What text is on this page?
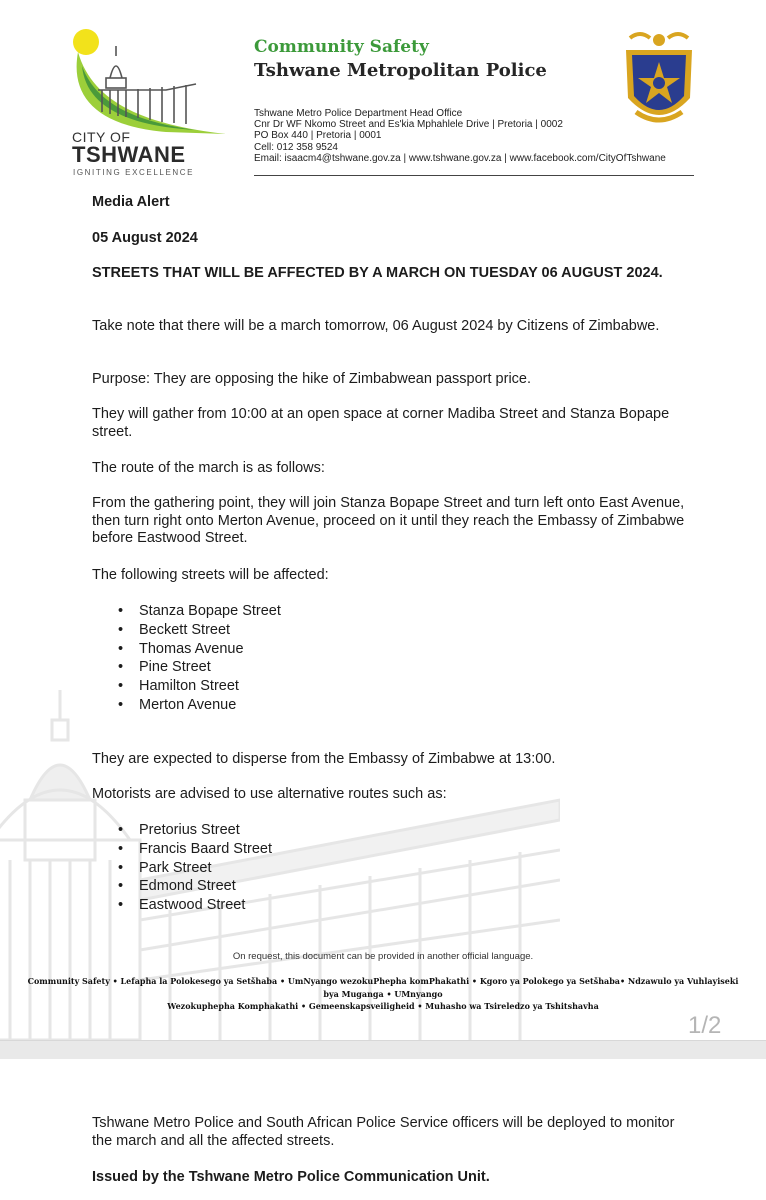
CITY OF
TSHWANE
IGNITING EXCELLENCE
Community Safety
Tshwane Metropolitan Police
Tshwane Metro Police Department Head Office
Cnr Dr WF Nkomo Street and Es'kia Mphahlele Drive | Pretoria | 0002
PO Box 440 | Pretoria | 0001
Cell: 012 358 9524
Email: isaacm4@tshwane.gov.za | www.tshwane.gov.za | www.facebook.com/CityOfTshwane
Media Alert
05 August 2024
STREETS THAT WILL BE AFFECTED BY A MARCH ON TUESDAY 06 AUGUST 2024.
Take note that there will be a march tomorrow, 06 August 2024 by Citizens of Zimbabwe.
Purpose: They are opposing the hike of Zimbabwean passport price.
They will gather from 10:00 at an open space at corner Madiba Street and Stanza Bopape street.
The route of the march is as follows:
From the gathering point, they will join Stanza Bopape Street and turn left onto East Avenue, then turn right onto Merton Avenue, proceed on it until they reach the Embassy of Zimbabwe before Eastwood Street.
The following streets will be affected:
• Stanza Bopape Street
• Beckett Street
• Thomas Avenue
• Pine Street
• Hamilton Street
• Merton Avenue
They are expected to disperse from the Embassy of Zimbabwe at 13:00.
Motorists are advised to use alternative routes such as:
• Pretorius Street
• Francis Baard Street
• Park Street
• Edmond Street
• Eastwood Street
On request, this document can be provided in another official language.
Community Safety • Lefapha la Polokesego ya Setšhaba • UmNyango wezokuPhepha komPhakathi • Kgoro ya Polokego ya Setšhaba• Ndzawulo ya Vuhlayiseki bya Muganga • UMnyango
Wezokuphepha Komphakathi • Gemeenskapsveiligheid • Muhasho wa Tsireledzo ya Tshitshavha
1/2
Tshwane Metro Police and South African Police Service officers will be deployed to monitor the march and all the affected streets.
Issued by the Tshwane Metro Police Communication Unit.
